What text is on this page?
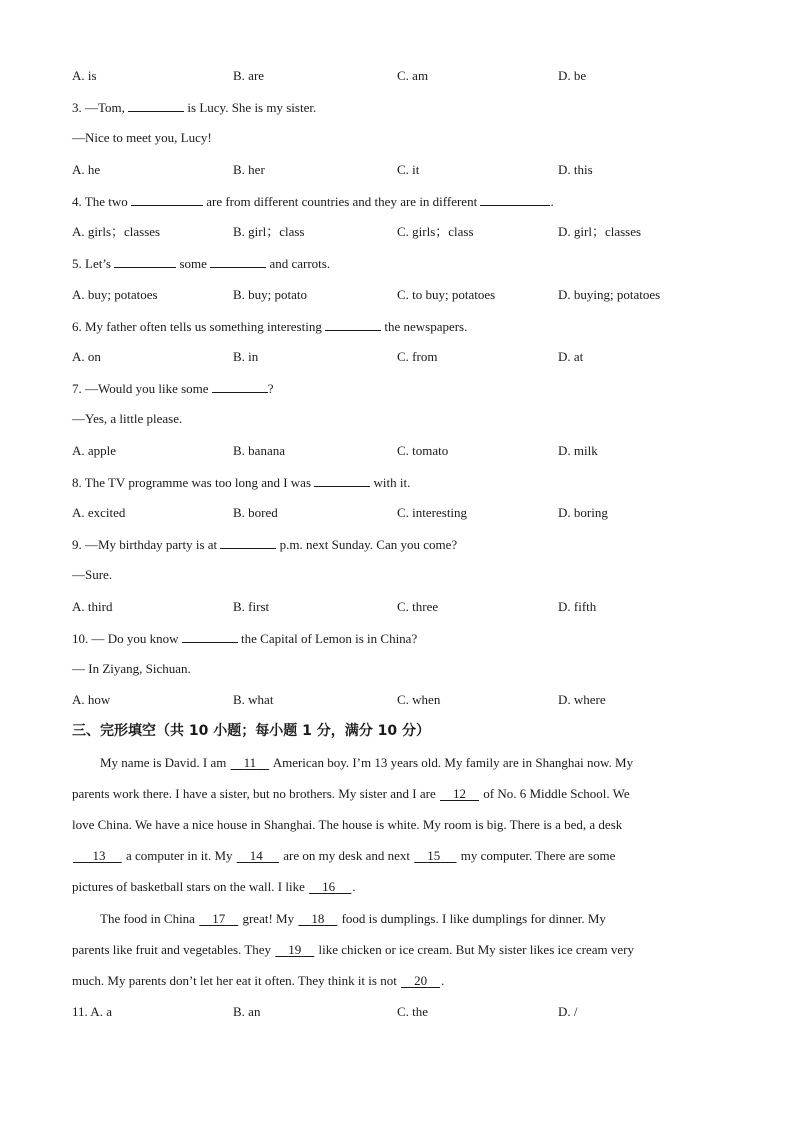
A. is	B. are	C. am	D. be
3. —Tom,	is Lucy. She is my sister.
—Nice to meet you, Lucy!
A. he	B. her	C. it	D. this
4. The two	are from different countries and they are in different	.
A. girls；classes	B. girl；class	C. girls；class	D. girl；classes
5. Let’s	some	and carrots.
A. buy; potatoes	B. buy; potato	C. to buy; potatoes	D. buying; potatoes
6. My father often tells us something interesting	the newspapers.
A. on	B. in	C. from	D. at
7. —Would you like some	?
—Yes, a little please.
A. apple	B. banana	C. tomato	D. milk
8. The TV programme was too long and I was	with it.
A. excited	B. bored	C. interesting	D. boring
9. —My birthday party is at	p.m. next Sunday. Can you come?
—Sure.
A. third	B. first	C. three	D. fifth
10. — Do you know	the Capital of Lemon is in China?
— In Ziyang, Sichuan.
A. how	B. what	C. when	D. where
三、完形填空（共 10 小题；每小题 1 分，满分 10 分）
My name is David. I am     11     American boy. I’m 13 years old. My family are in Shanghai now. My
parents work there. I have a sister, but no brothers. My sister and I are     12     of No. 6 Middle School. We
love China. We have a nice house in Shanghai. The house is white. My room is big. There is a bed, a desk
13      a computer in it. My     14      are on my desk and next     15      my computer. There are some
pictures of basketball stars on the wall. I like     16 .
The food in China     17     great! My     18     food is dumplings. I like dumplings for dinner. My
parents like fruit and vegetables. They     19     like chicken or ice cream. But My sister likes ice cream very
much. My parents don’t let her eat it often. They think it is not     20 .
11. A. a	B. an	C. the	D. /
